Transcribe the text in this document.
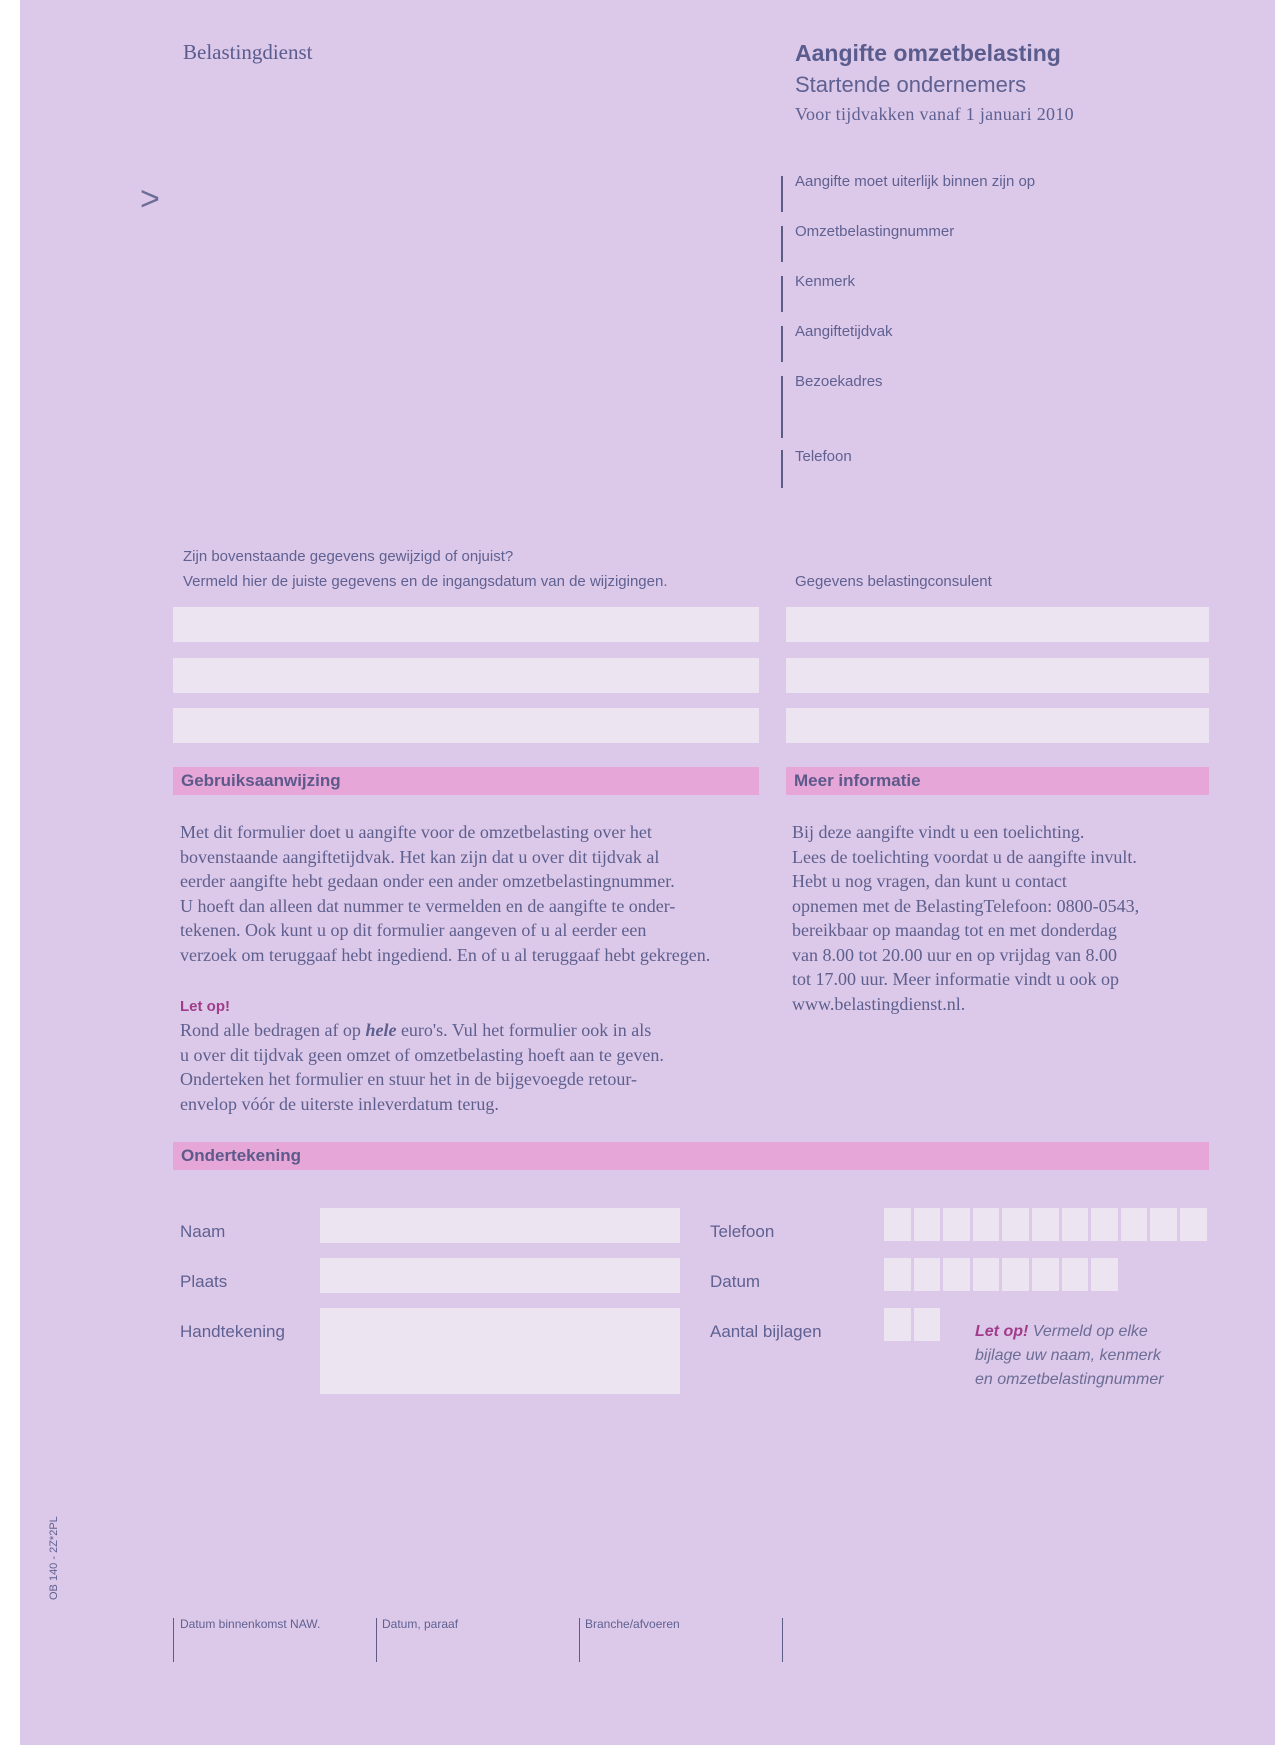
Belastingdienst	Aangifte omzetbelasting
Startende ondernemers
Voor tijdvakken vanaf 1 januari 2010
>	Aangifte moet uiterlijk binnen zijn op
Omzetbelastingnummer
Kenmerk
Aangiftetijdvak
Bezoekadres
Telefoon
Zijn bovenstaande gegevens gewijzigd of onjuist?
Vermeld hier de juiste gegevens en de ingangsdatum van de wijzigingen.	Gegevens belastingconsulent
Gebruiksaanwijzing	Meer informatie
Met dit formulier doet u aangifte voor de omzetbelasting over het
bovenstaande aangiftetijdvak. Het kan zijn dat u over dit tijdvak al
eerder aangifte hebt gedaan onder een ander omzetbelastingnummer.
U hoeft dan alleen dat nummer te vermelden en de aangifte te onder-
tekenen. Ook kunt u op dit formulier aangeven of u al eerder een
verzoek om teruggaaf hebt ingediend. En of u al teruggaaf hebt gekregen.
Let op!
Rond alle bedragen af op hele euro's. Vul het formulier ook in als
u over dit tijdvak geen omzet of omzetbelasting hoeft aan te geven.
Onderteken het formulier en stuur het in de bijgevoegde retour-
envelop vóór de uiterste inleverdatum terug.
Bij deze aangifte vindt u een toelichting.
Lees de toelichting voordat u de aangifte invult.
Hebt u nog vragen, dan kunt u contact
opnemen met de BelastingTelefoon: 0800-0543,
bereikbaar op maandag tot en met donderdag
van 8.00 tot 20.00 uur en op vrijdag van 8.00
tot 17.00 uur. Meer informatie vindt u ook op
www.belastingdienst.nl.
Ondertekening
Naam
Plaats
Handtekening
Telefoon
Datum
Aantal bijlagen	Let op! Vermeld op elke
bijlage uw naam, kenmerk
en omzetbelastingnummer
OB 140 - 2Z*2PL
Datum binnenkomst NAW.	Datum, paraaf	Branche/afvoeren
